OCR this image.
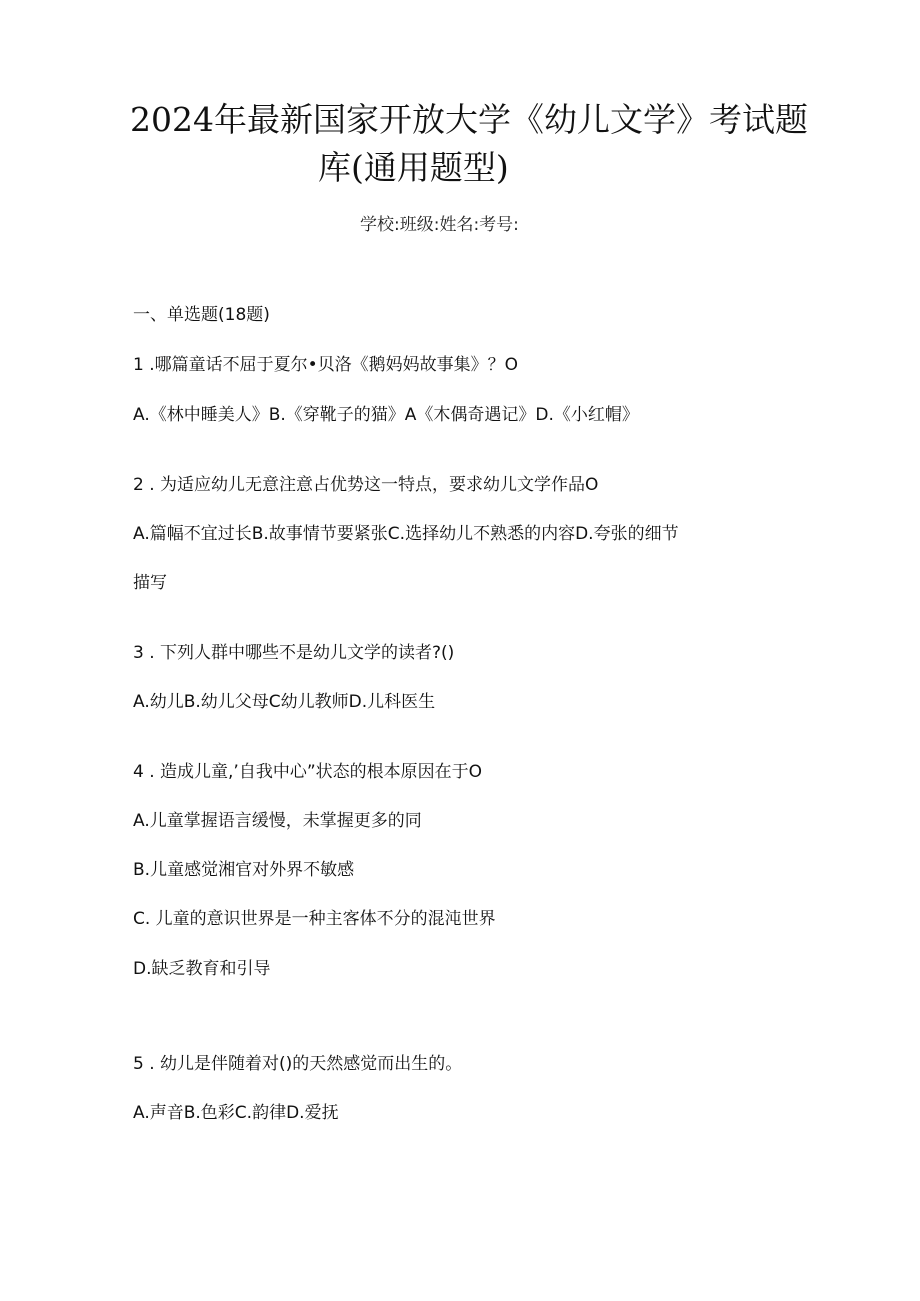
2024年最新国家开放大学《幼儿文学》考试题
库(通用题型)
学校:班级:姓名:考号:
一、单选题(18题)
1 .哪篇童话不屈于夏尔•贝洛《鹅妈妈故事集》？O
A.《林中睡美人》B.《穿靴子的猫》A《木偶奇遇记》D.《小红帽》
2 . 为适应幼儿无意注意占优势这一特点，要求幼儿文学作品O
A.篇幅不宜过长B.故事情节要紧张C.选择幼儿不熟悉的内容D.夸张的细节
描写
3 . 下列人群中哪些不是幼儿文学的读者?()
A.幼儿B.幼儿父母C幼儿教师D.儿科医生
4 . 造成儿童,’自我中心”状态的根本原因在于O
A.儿童掌握语言缓慢，未掌握更多的同
B.儿童感觉湘官对外界不敏感
C. 儿童的意识世界是一种主客体不分的混沌世界
D.缺乏教育和引导
5 . 幼儿是伴随着对()的天然感觉而出生的。
A.声音B.色彩C.韵律D.爱抚
